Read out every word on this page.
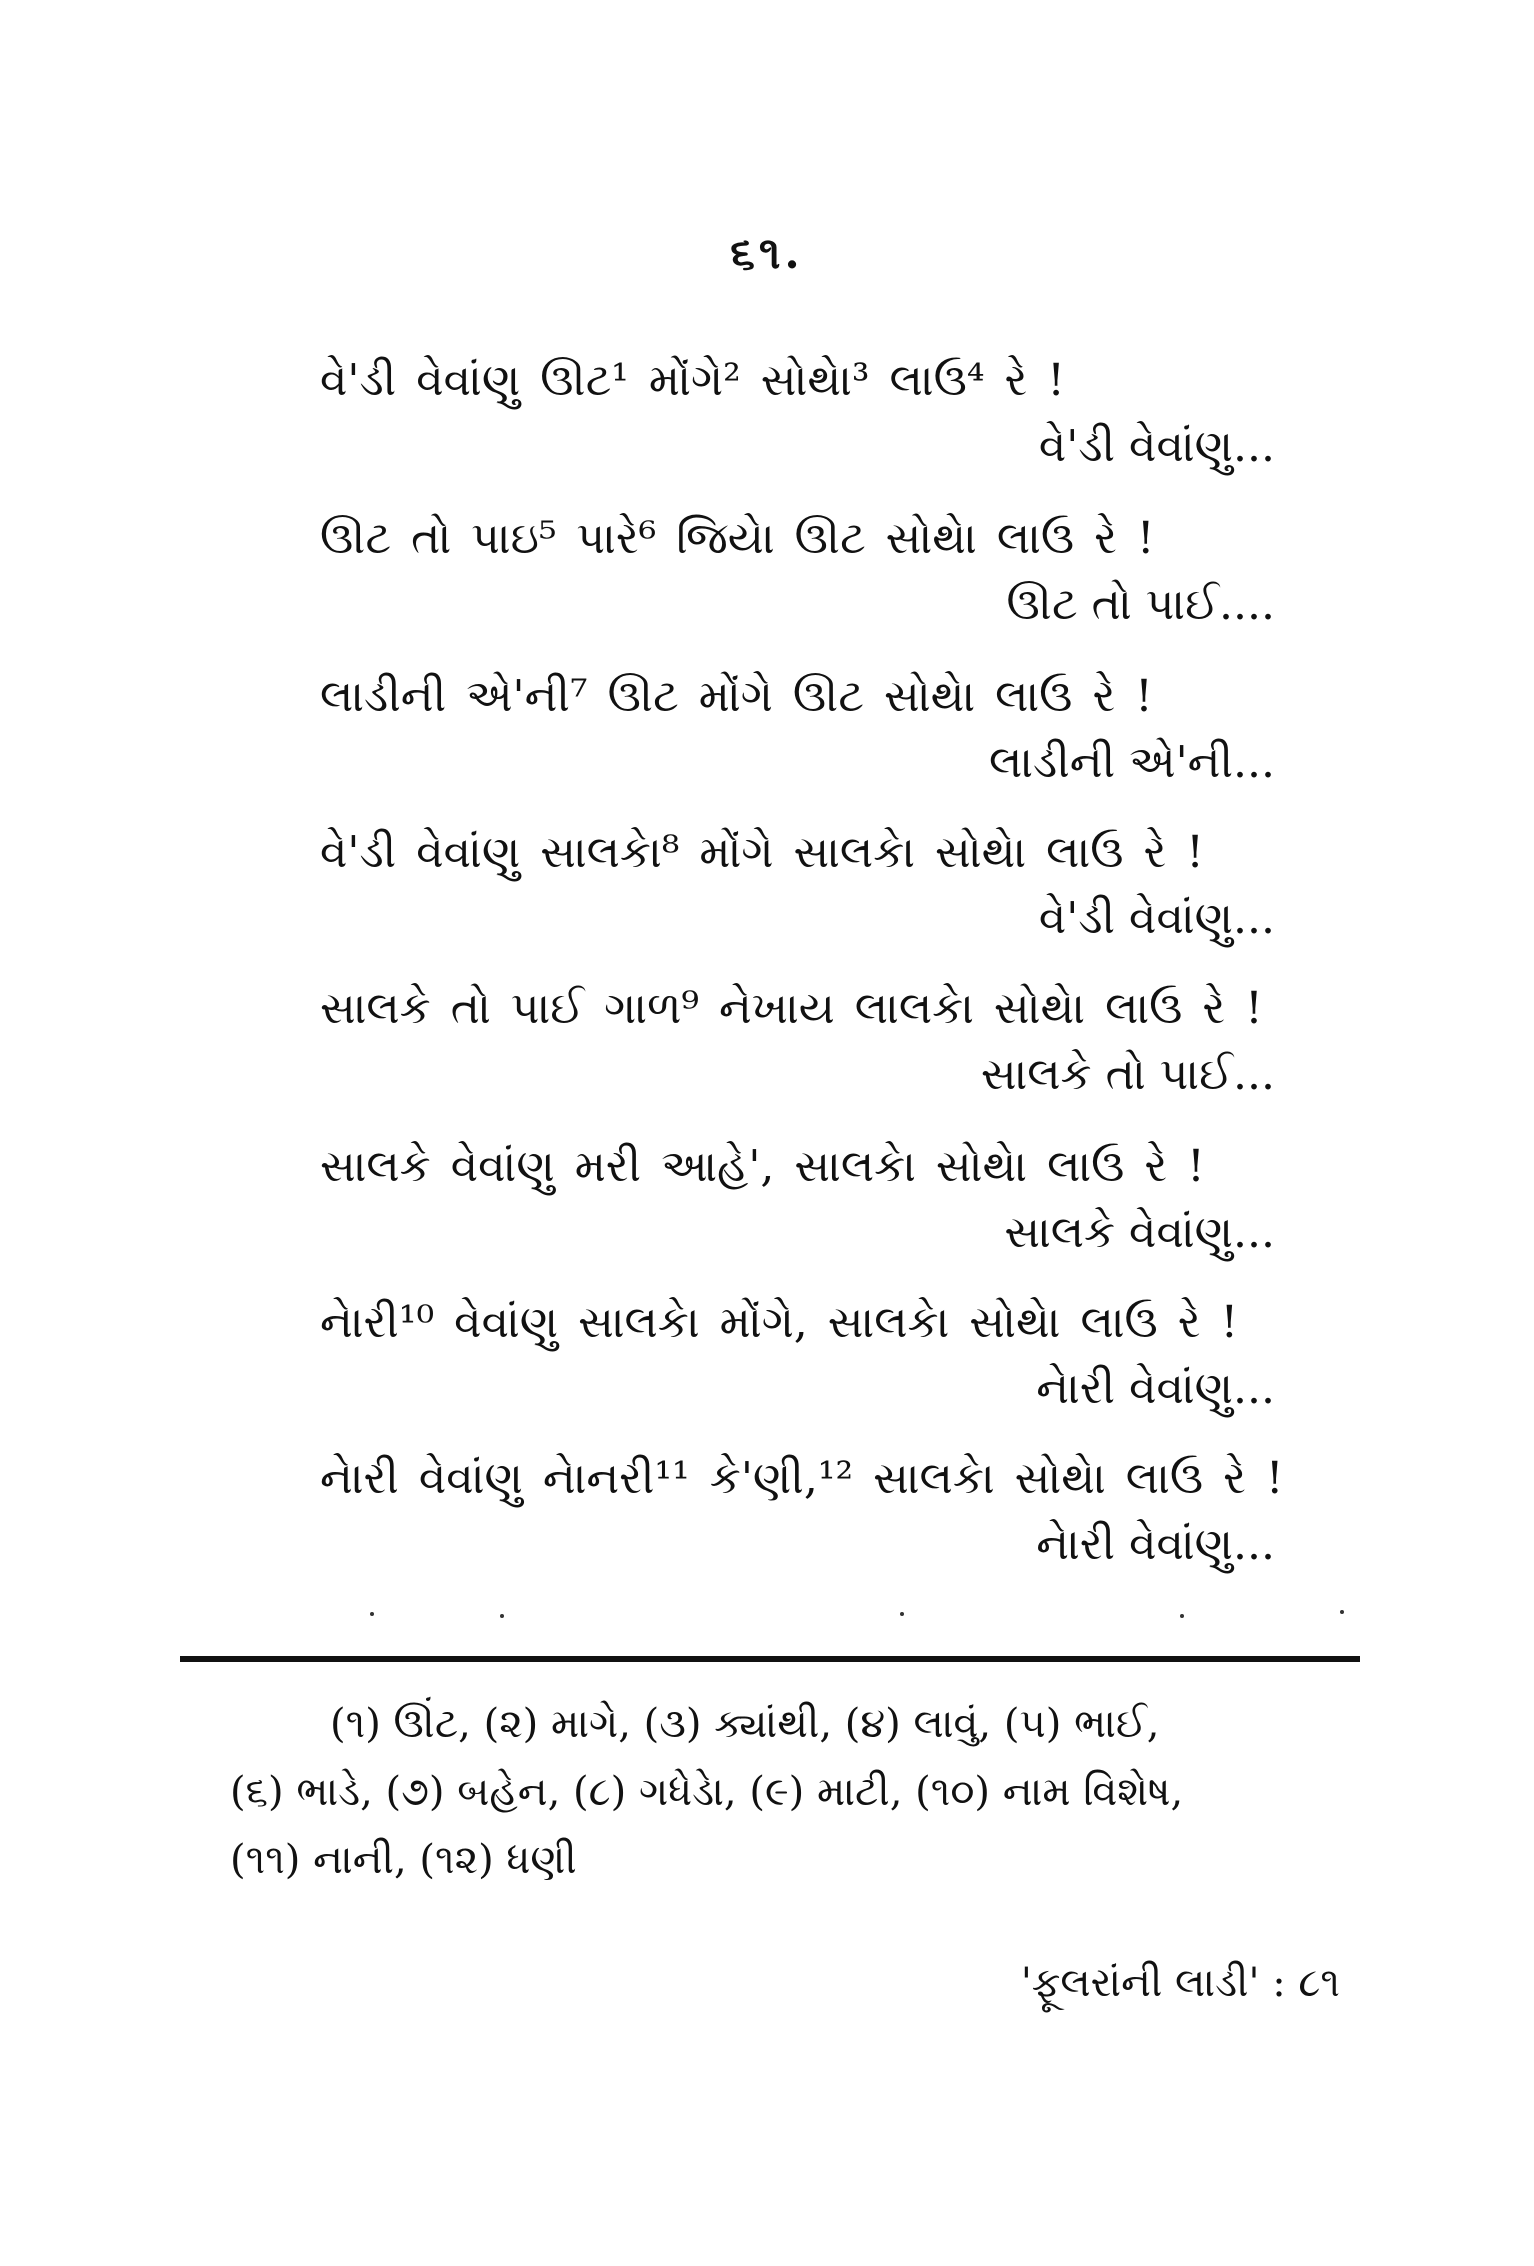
૬૧.
વે'ડી વેવાંણુ ઊટ¹ મોંગે² સોથેા³ લાઉ⁴ રે !
વે'ડી વેવાંણુ...
ઊટ તો પાઇ⁵ પારે⁶ જિયેા ઊટ સોથેા લાઉ રે !
ઊટ તો પાઈ....
લાડીની એ'ની⁷ ઊટ મોંગે ઊટ સોથેા લાઉ રે !
લાડીની એ'ની...
વે'ડી વેવાંણુ સાલકેા⁸ મોંગે સાલકેા સોથેા લાઉ રે !
વે'ડી વેવાંણુ...
સાલકે તો પાઈ ગાળ⁹ નેખાય લાલકેા સોથેા લાઉ રે !
સાલકે તો પાઈ...
સાલકે વેવાંણુ મરી આહે', સાલકેા સોથેા લાઉ રે !
સાલકે વેવાંણુ...
નેારી¹⁰ વેવાંણુ સાલકેા મોંગે, સાલકેા સોથેા લાઉ રે !
નેારી વેવાંણુ...
નેારી વેવાંણુ નેાનરી¹¹ કે'ણી,¹² સાલકેા સોથેા લાઉ રે !
નેારી વેવાંણુ...
(૧) ઊંટ, (૨) માગે, (૩) ક્યાંથી, (૪) લાવું, (૫) ભાઈ,
(૬) ભાડે, (૭) બહેન, (૮) ગધેડેા, (૯) માટી, (૧૦) નામ વિશેષ,
(૧૧) નાની, (૧૨) ધણી
'ફૂલરાંની લાડી' : ૮૧
